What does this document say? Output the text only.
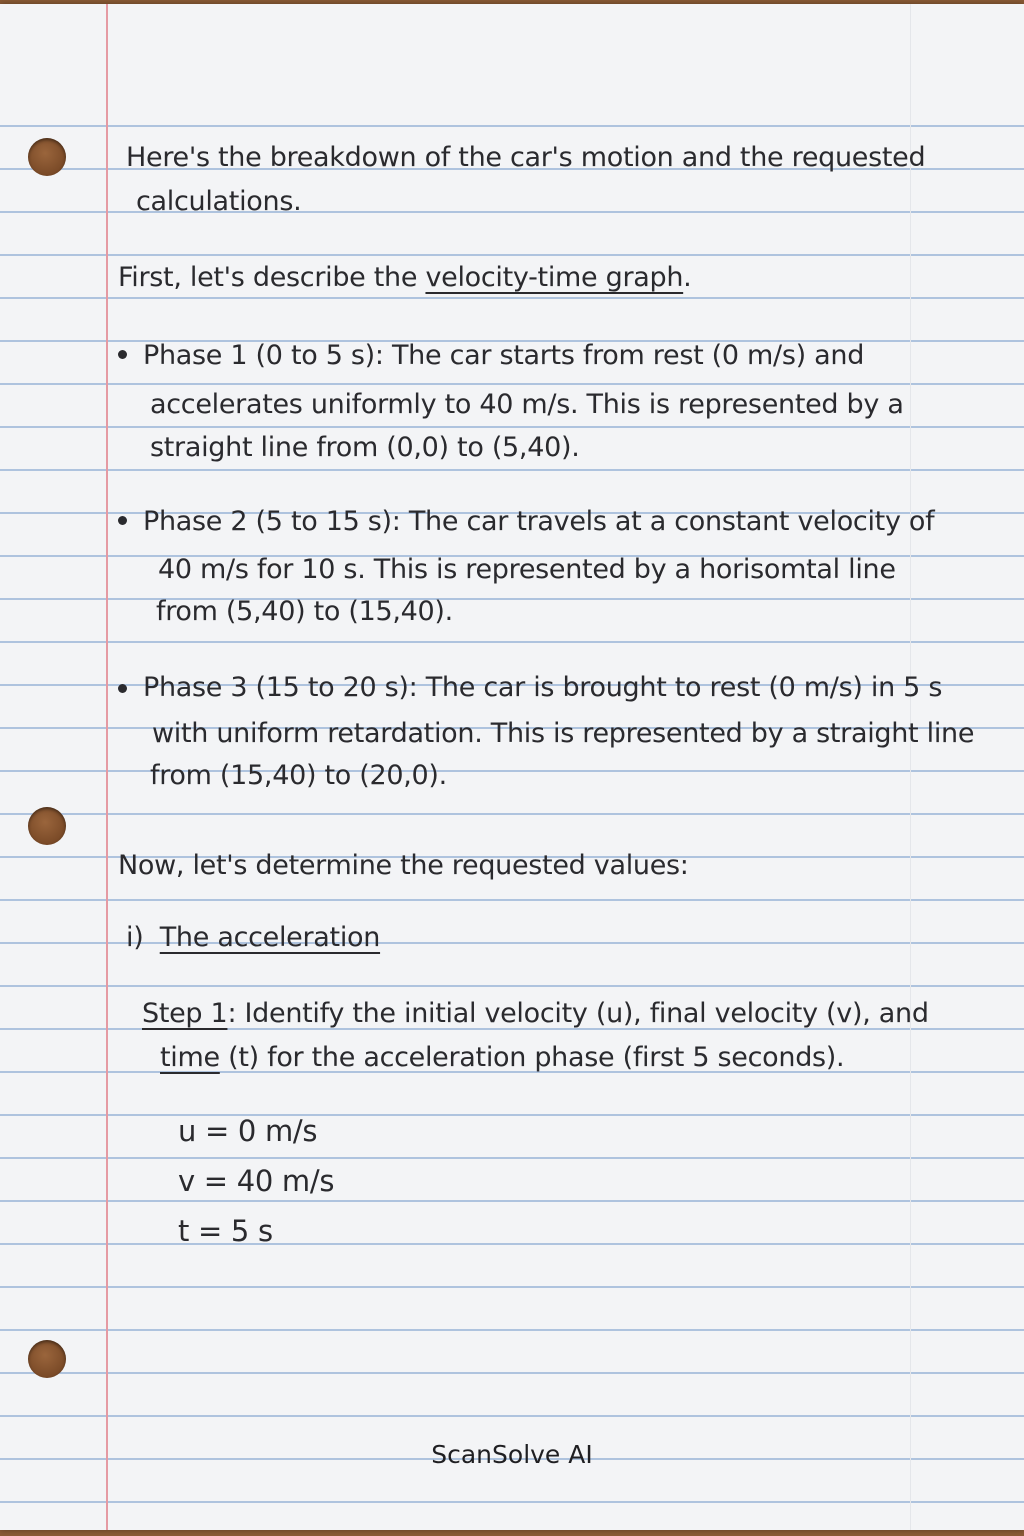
Here's the breakdown of the car's motion and the requested
calculations.
First, let's describe the velocity-time graph.
Phase 1 (0 to 5 s): The car starts from rest (0 m/s) and
accelerates uniformly to 40 m/s. This is represented by a
straight line from (0,0) to (5,40).
Phase 2 (5 to 15 s): The car travels at a constant velocity of
40 m/s for 10 s. This is represented by a horisomtal line
from (5,40) to (15,40).
Phase 3 (15 to 20 s): The car is brought to rest (0 m/s) in 5 s
with uniform retardation. This is represented by a straight line
from (15,40) to (20,0).
Now, let's determine the requested values:
i) The acceleration
Step 1: Identify the initial velocity (u), final velocity (v), and
time (t) for the acceleration phase (first 5 seconds).
u = 0 m/s
v = 40 m/s
t = 5 s
ScanSolve AI
